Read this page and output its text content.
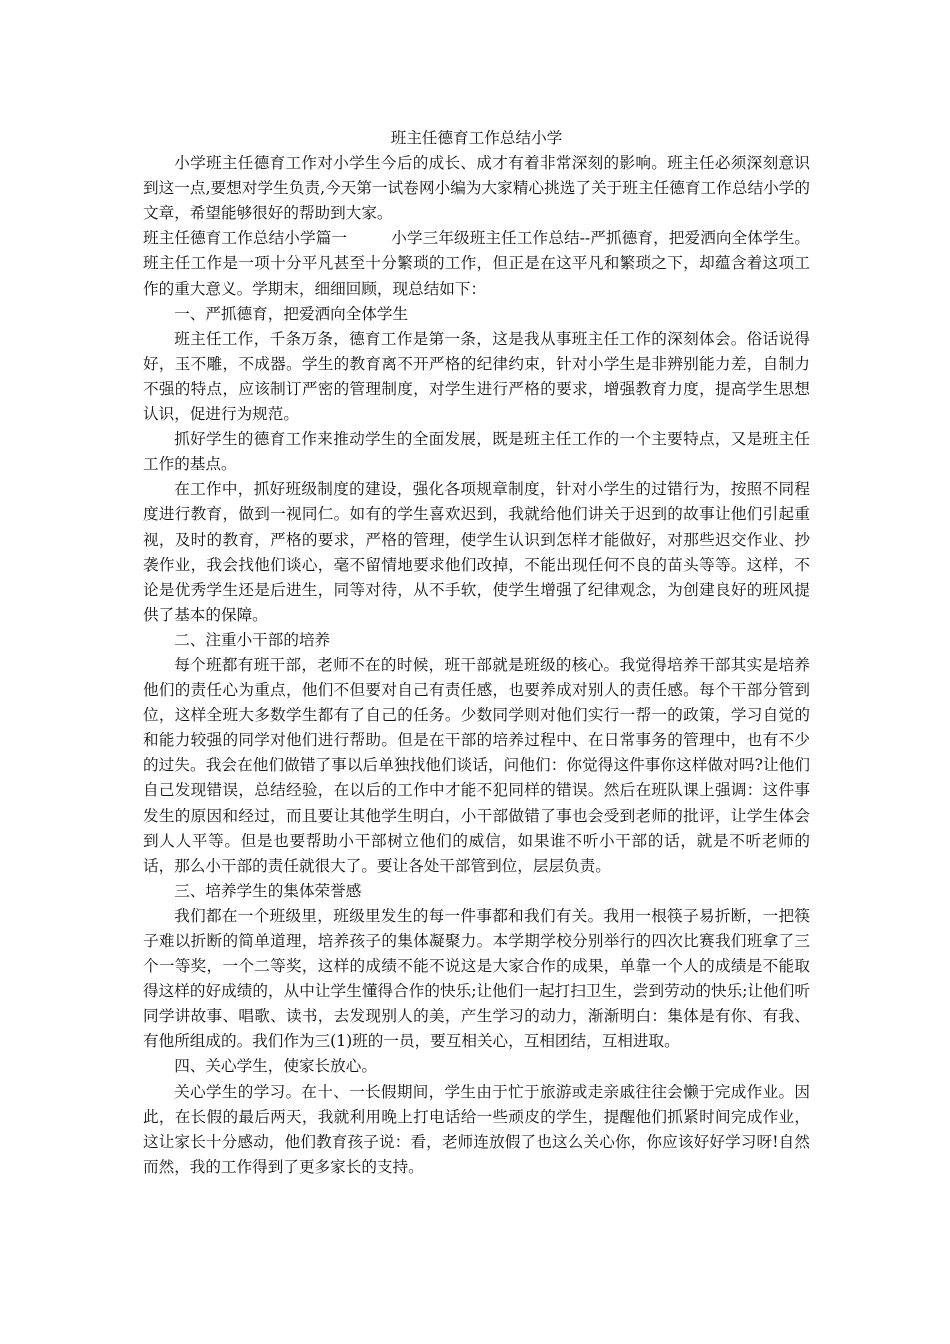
班主任德育工作总结小学

小学班主任德育工作对小学生今后的成长、成才有着非常深刻的影响。班主任必须深刻意识到这一点,要想对学生负责,今天第一试卷网小编为大家精心挑选了关于班主任德育工作总结小学的文章，希望能够很好的帮助到大家。

班主任德育工作总结小学篇一	小学三年级班主任工作总结--严抓德育，把爱洒向全体学生。班主任工作是一项十分平凡甚至十分繁琐的工作，但正是在这平凡和繁琐之下，却蕴含着这项工作的重大意义。学期末，细细回顾，现总结如下：

一、严抓德育，把爱洒向全体学生

班主任工作，千条万条，德育工作是第一条，这是我从事班主任工作的深刻体会。俗话说得好，玉不雕，不成器。学生的教育离不开严格的纪律约束，针对小学生是非辨别能力差，自制力不强的特点，应该制订严密的管理制度，对学生进行严格的要求，增强教育力度，提高学生思想认识，促进行为规范。

抓好学生的德育工作来推动学生的全面发展，既是班主任工作的一个主要特点，又是班主任工作的基点。

在工作中，抓好班级制度的建设，强化各项规章制度，针对小学生的过错行为，按照不同程度进行教育，做到一视同仁。如有的学生喜欢迟到，我就给他们讲关于迟到的故事让他们引起重视，及时的教育，严格的要求，严格的管理，使学生认识到怎样才能做好，对那些迟交作业、抄袭作业，我会找他们谈心，毫不留情地要求他们改掉，不能出现任何不良的苗头等等。这样，不论是优秀学生还是后进生，同等对待，从不手软，使学生增强了纪律观念，为创建良好的班风提供了基本的保障。

二、注重小干部的培养

每个班都有班干部，老师不在的时候，班干部就是班级的核心。我觉得培养干部其实是培养他们的责任心为重点，他们不但要对自己有责任感，也要养成对别人的责任感。每个干部分管到位，这样全班大多数学生都有了自己的任务。少数同学则对他们实行一帮一的政策，学习自觉的和能力较强的同学对他们进行帮助。但是在干部的培养过程中、在日常事务的管理中，也有不少的过失。我会在他们做错了事以后单独找他们谈话，问他们：你觉得这件事你这样做对吗?让他们自己发现错误，总结经验，在以后的工作中才能不犯同样的错误。然后在班队课上强调：这件事发生的原因和经过，而且要让其他学生明白，小干部做错了事也会受到老师的批评，让学生体会到人人平等。但是也要帮助小干部树立他们的威信，如果谁不听小干部的话，就是不听老师的话，那么小干部的责任就很大了。要让各处干部管到位，层层负责。

三、培养学生的集体荣誉感

我们都在一个班级里，班级里发生的每一件事都和我们有关。我用一根筷子易折断，一把筷子难以折断的简单道理，培养孩子的集体凝聚力。本学期学校分别举行的四次比赛我们班拿了三个一等奖，一个二等奖，这样的成绩不能不说这是大家合作的成果，单靠一个人的成绩是不能取得这样的好成绩的，从中让学生懂得合作的快乐;让他们一起打扫卫生，尝到劳动的快乐;让他们听同学讲故事、唱歌、读书，去发现别人的美，产生学习的动力，渐渐明白：集体是有你、有我、有他所组成的。我们作为三(1)班的一员，要互相关心，互相团结，互相进取。

四、关心学生，使家长放心。

关心学生的学习。在十、一长假期间，学生由于忙于旅游或走亲戚往往会懒于完成作业。因此，在长假的最后两天，我就利用晚上打电话给一些顽皮的学生，提醒他们抓紧时间完成作业，这让家长十分感动，他们教育孩子说：看，老师连放假了也这么关心你，你应该好好学习呀!自然而然，我的工作得到了更多家长的支持。
